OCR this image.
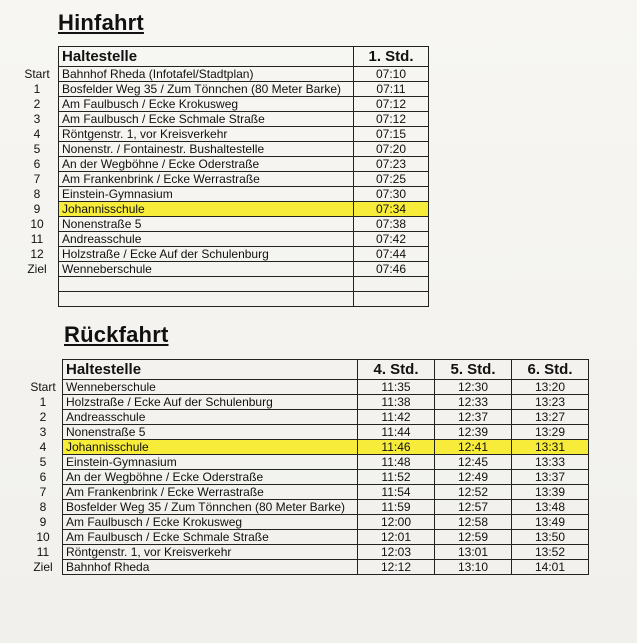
Hinfahrt
	Haltestelle	1. Std.
Start	Bahnhof Rheda (Infotafel/Stadtplan)	07:10
1	Bosfelder Weg 35 / Zum Tönnchen (80 Meter Barke)	07:11
2	Am Faulbusch / Ecke Krokusweg	07:12
3	Am Faulbusch / Ecke Schmale Straße	07:12
4	Röntgenstr. 1, vor Kreisverkehr	07:15
5	Nonenstr. / Fontainestr. Bushaltestelle	07:20
6	An der Wegböhne / Ecke Oderstraße	07:23
7	Am Frankenbrink / Ecke Werrastraße	07:25
8	Einstein-Gymnasium	07:30
9	Johannisschule	07:34
10	Nonenstraße 5	07:38
11	Andreasschule	07:42
12	Holzstraße / Ecke Auf der Schulenburg	07:44
Ziel	Wenneberschule	07:46

Rückfahrt
	Haltestelle	4. Std.	5. Std.	6. Std.
Start	Wenneberschule	11:35	12:30	13:20
1	Holzstraße / Ecke Auf der Schulenburg	11:38	12:33	13:23
2	Andreasschule	11:42	12:37	13:27
3	Nonenstraße 5	11:44	12:39	13:29
4	Johannisschule	11:46	12:41	13:31
5	Einstein-Gymnasium	11:48	12:45	13:33
6	An der Wegböhne / Ecke Oderstraße	11:52	12:49	13:37
7	Am Frankenbrink / Ecke Werrastraße	11:54	12:52	13:39
8	Bosfelder Weg 35 / Zum Tönnchen (80 Meter Barke)	11:59	12:57	13:48
9	Am Faulbusch / Ecke Krokusweg	12:00	12:58	13:49
10	Am Faulbusch / Ecke Schmale Straße	12:01	12:59	13:50
11	Röntgenstr. 1, vor Kreisverkehr	12:03	13:01	13:52
Ziel	Bahnhof Rheda	12:12	13:10	14:01
